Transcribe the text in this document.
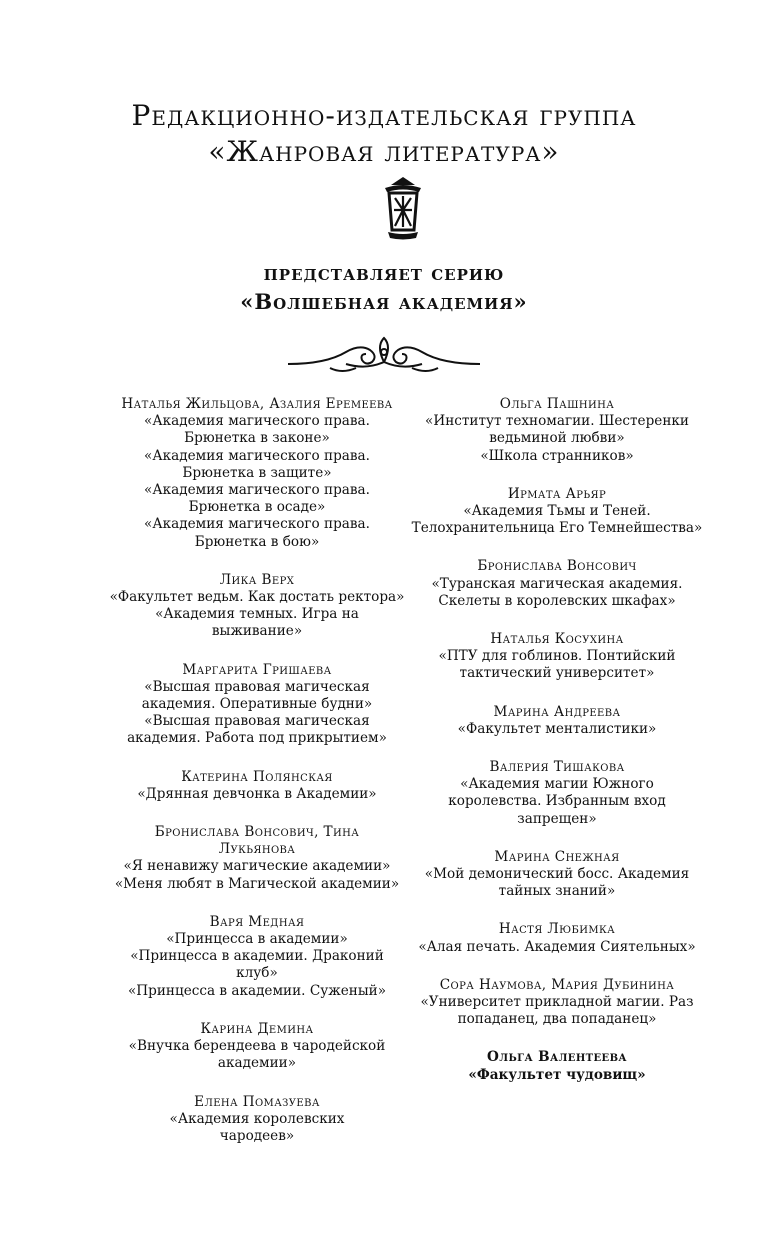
Редакционно-издательская группа
«Жанровая литература»
представляет серию
«Волшебная академия»
Наталья Жильцова, Азалия Еремеева
«Академия магического права.
Брюнетка в законе»
«Академия магического права.
Брюнетка в защите»
«Академия магического права.
Брюнетка в осаде»
«Академия магического права.
Брюнетка в бою»
Лика Верх
«Факультет ведьм. Как достать ректора»
«Академия темных. Игра на
выживание»
Маргарита Гришаева
«Высшая правовая магическая
академия. Оперативные будни»
«Высшая правовая магическая
академия. Работа под прикрытием»
Катерина Полянская
«Дрянная девчонка в Академии»
Бронислава Вонсович, Тина
Лукьянова
«Я ненавижу магические академии»
«Меня любят в Магической академии»
Варя Медная
«Принцесса в академии»
«Принцесса в академии. Драконий
клуб»
«Принцесса в академии. Суженый»
Карина Демина
«Внучка берендеева в чародейской
академии»
Елена Помазуева
«Академия королевских
чародеев»
Ольга Пашнина
«Институт техномагии. Шестеренки
ведьминой любви»
«Школа странников»
Ирмата Арьяр
«Академия Тьмы и Теней.
Телохранительница Его Темнейшества»
Бронислава Вонсович
«Туранская магическая академия.
Скелеты в королевских шкафах»
Наталья Косухина
«ПТУ для гоблинов. Понтийский
тактический университет»
Марина Андреева
«Факультет менталистики»
Валерия Тишакова
«Академия магии Южного
королевства. Избранным вход
запрещен»
Марина Снежная
«Мой демонический босс. Академия
тайных знаний»
Настя Любимка
«Алая печать. Академия Сиятельных»
Сора Наумова, Мария Дубинина
«Университет прикладной магии. Раз
попаданец, два попаданец»
Ольга Валентеева
«Факультет чудовищ»
